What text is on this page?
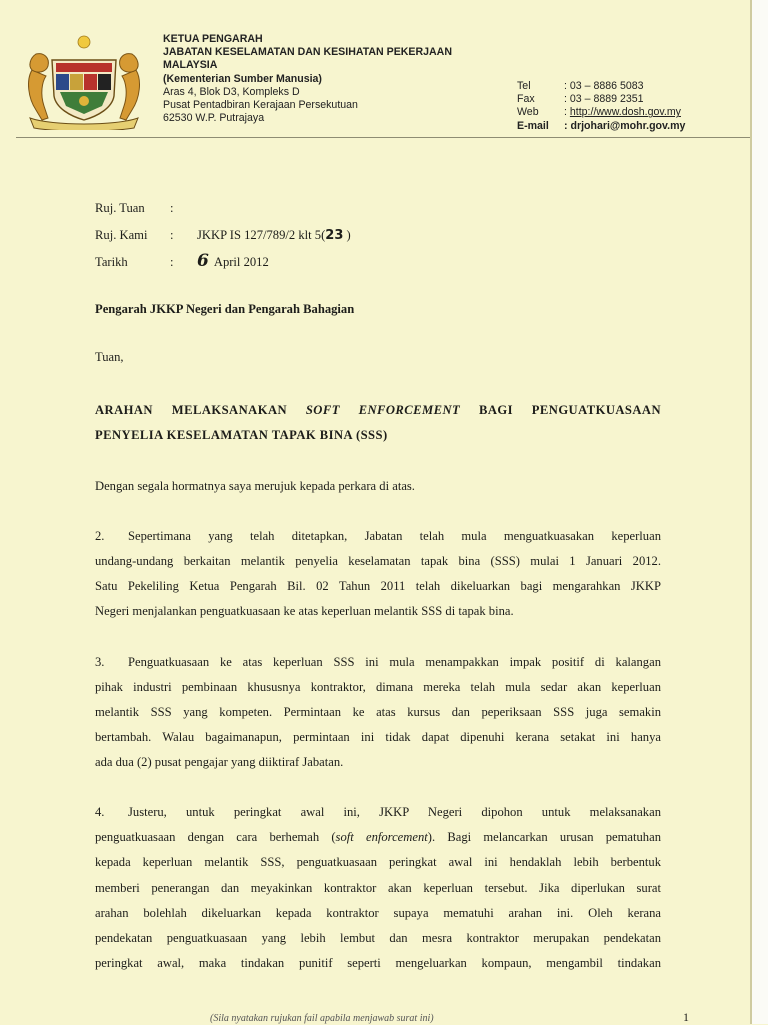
KETUA PENGARAH
JABATAN KESELAMATAN DAN KESIHATAN PEKERJAAN
MALAYSIA
(Kementerian Sumber Manusia)
Aras 4, Blok D3, Kompleks D
Pusat Pentadbiran Kerajaan Persekutuan
62530 W.P. Putrajaya
Tel	: 03 – 8886 5083
Fax	: 03 – 8889 2351
Web	: http://www.dosh.gov.my
E-mail	: drjohari@mohr.gov.my
Ruj. Tuan	:
Ruj. Kami	:	JKKP IS 127/789/2 klt 5(23 )
Tarikh	:	6 April 2012
Pengarah JKKP Negeri dan Pengarah Bahagian
Tuan,
ARAHAN MELAKSANAKAN SOFT ENFORCEMENT BAGI PENGUATKUASAAN
PENYELIA KESELAMATAN TAPAK BINA (SSS)
Dengan segala hormatnya saya merujuk kepada perkara di atas.
2. Sepertimana yang telah ditetapkan, Jabatan telah mula menguatkuasakan keperluan
undang-undang berkaitan melantik penyelia keselamatan tapak bina (SSS) mulai 1 Januari 2012.
Satu Pekeliling Ketua Pengarah Bil. 02 Tahun 2011 telah dikeluarkan bagi mengarahkan JKKP
Negeri menjalankan penguatkuasaan ke atas keperluan melantik SSS di tapak bina.
3. Penguatkuasaan ke atas keperluan SSS ini mula menampakkan impak positif di kalangan
pihak industri pembinaan khususnya kontraktor, dimana mereka telah mula sedar akan keperluan
melantik SSS yang kompeten. Permintaan ke atas kursus dan peperiksaan SSS juga semakin
bertambah. Walau bagaimanapun, permintaan ini tidak dapat dipenuhi kerana setakat ini hanya
ada dua (2) pusat pengajar yang diiktiraf Jabatan.
4. Justeru, untuk peringkat awal ini, JKKP Negeri dipohon untuk melaksanakan
penguatkuasaan dengan cara berhemah (soft enforcement). Bagi melancarkan urusan pematuhan
kepada keperluan melantik SSS, penguatkuasaan peringkat awal ini hendaklah lebih berbentuk
memberi penerangan dan meyakinkan kontraktor akan keperluan tersebut. Jika diperlukan surat
arahan bolehlah dikeluarkan kepada kontraktor supaya mematuhi arahan ini. Oleh kerana
pendekatan penguatkuasaan yang lebih lembut dan mesra kontraktor merupakan pendekatan
peringkat awal, maka tindakan punitif seperti mengeluarkan kompaun, mengambil tindakan
(Sila nyatakan rujukan fail apabila menjawab surat ini)	1
